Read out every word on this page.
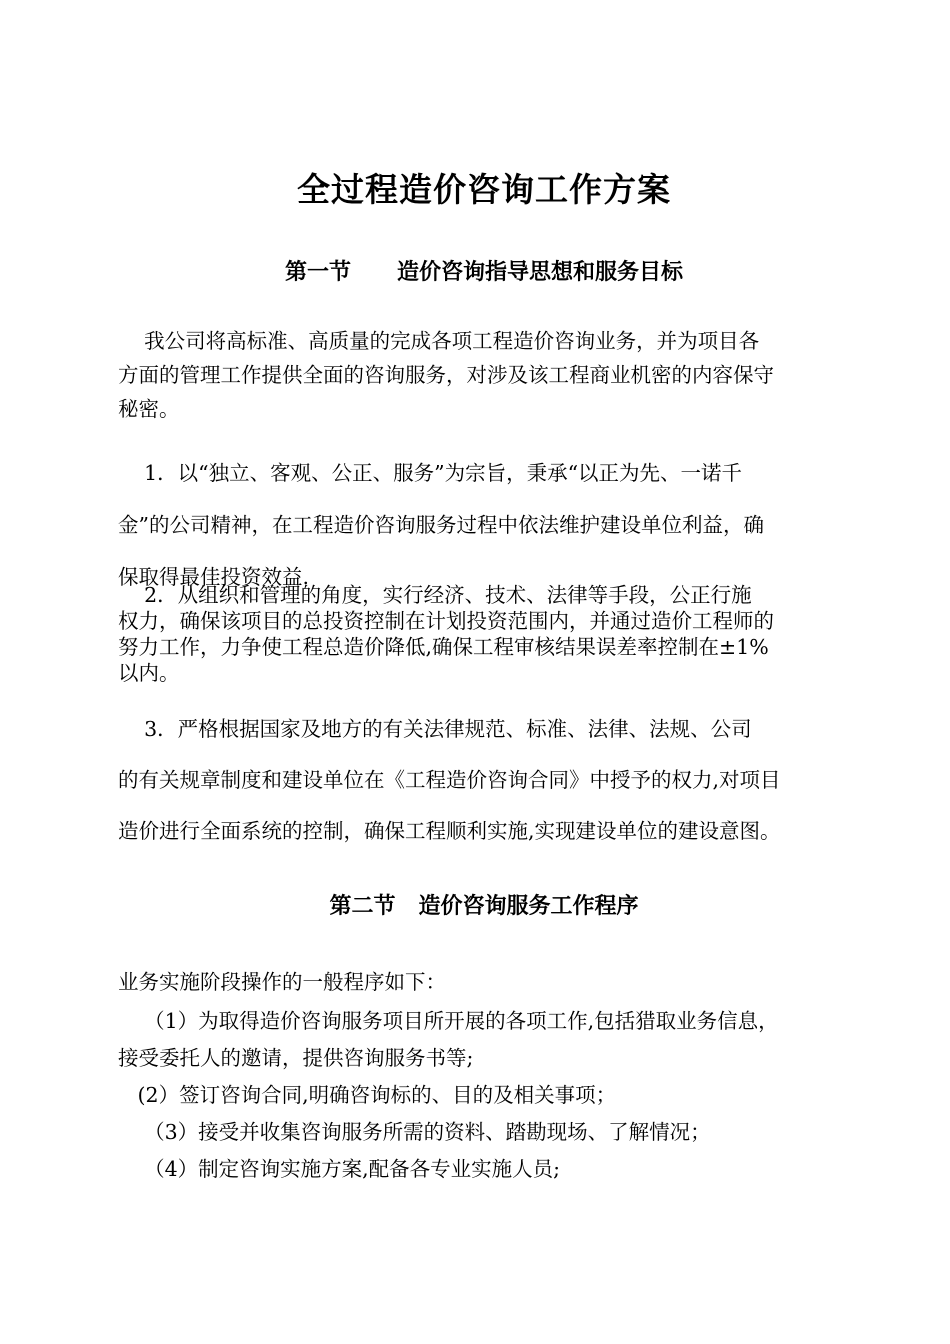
全过程造价咨询工作方案
第一节      造价咨询指导思想和服务目标
我公司将高标准、高质量的完成各项工程造价咨询业务，并为项目各
方面的管理工作提供全面的咨询服务，对涉及该工程商业机密的内容保守
秘密。
1．以“独立、客观、公正、服务”为宗旨，秉承“以正为先、一诺千
金”的公司精神，在工程造价咨询服务过程中依法维护建设单位利益，确
保取得最佳投资效益.
2．从组织和管理的角度，实行经济、技术、法律等手段，公正行施
权力，确保该项目的总投资控制在计划投资范围内，并通过造价工程师的
努力工作，力争使工程总造价降低,确保工程审核结果误差率控制在±1%
以内。
3．严格根据国家及地方的有关法律规范、标准、法律、法规、公司
的有关规章制度和建设单位在《工程造价咨询合同》中授予的权力,对项目
造价进行全面系统的控制，确保工程顺利实施,实现建设单位的建设意图。
第二节   造价咨询服务工作程序
业务实施阶段操作的一般程序如下：
（1）为取得造价咨询服务项目所开展的各项工作,包括猎取业务信息，
接受委托人的邀请，提供咨询服务书等;
(2）签订咨询合同,明确咨询标的、目的及相关事项；
（3）接受并收集咨询服务所需的资料、踏勘现场、了解情况；
（4）制定咨询实施方案,配备各专业实施人员;
